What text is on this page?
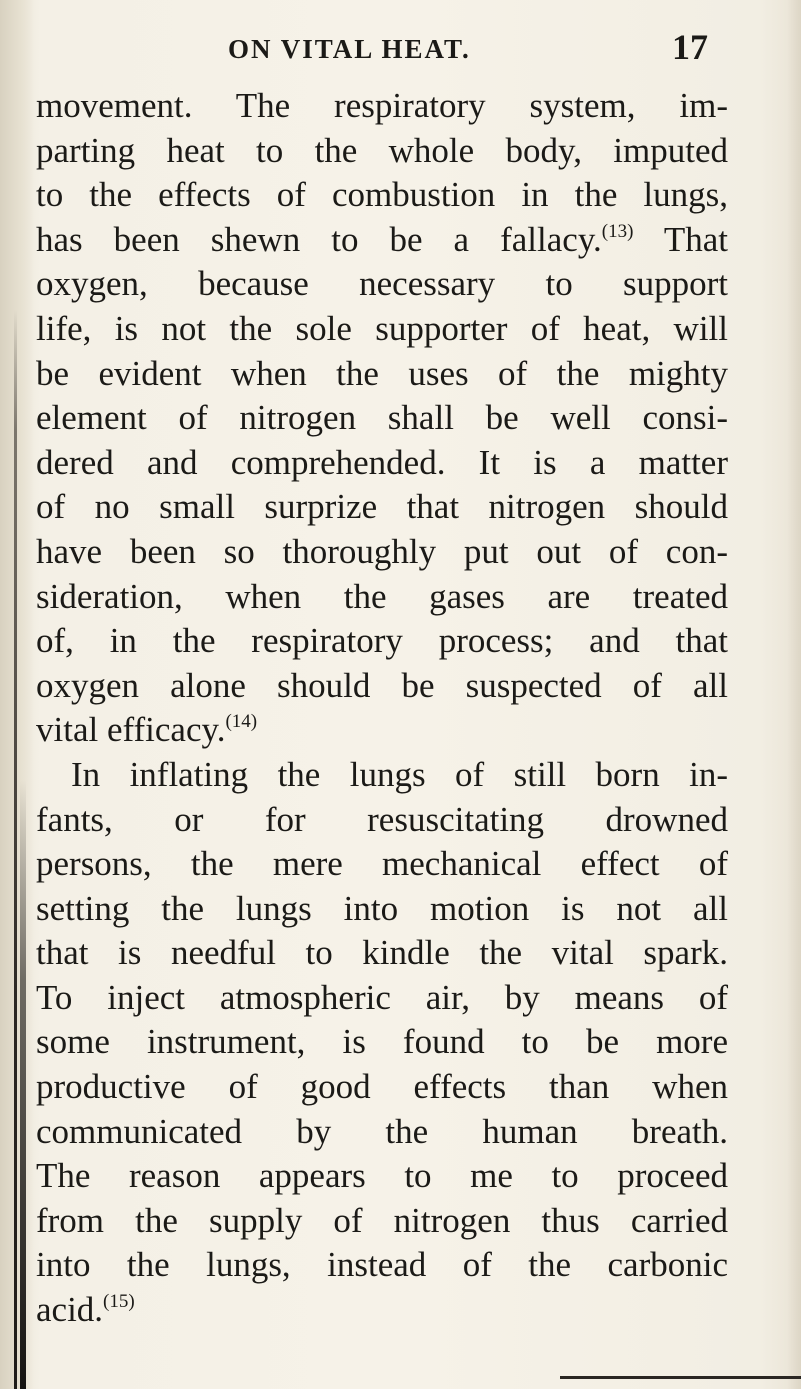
ON VITAL HEAT.	17
movement. The respiratory system, im-
parting heat to the whole body, imputed
to the effects of combustion in the lungs,
has been shewn to be a fallacy.$^{(13)}$ That
oxygen, because necessary to support
life, is not the sole supporter of heat, will
be evident when the uses of the mighty
element of nitrogen shall be well consi-
dered and comprehended. It is a matter
of no small surprize that nitrogen should
have been so thoroughly put out of con-
sideration, when the gases are treated
of, in the respiratory process; and that
oxygen alone should be suspected of all
vital efficacy.$^{(14)}$
In inflating the lungs of still born in-
fants, or for resuscitating drowned
persons, the mere mechanical effect of
setting the lungs into motion is not all
that is needful to kindle the vital spark.
To inject atmospheric air, by means of
some instrument, is found to be more
productive of good effects than when
communicated by the human breath.
The reason appears to me to proceed
from the supply of nitrogen thus carried
into the lungs, instead of the carbonic
acid.$^{(15)}$
